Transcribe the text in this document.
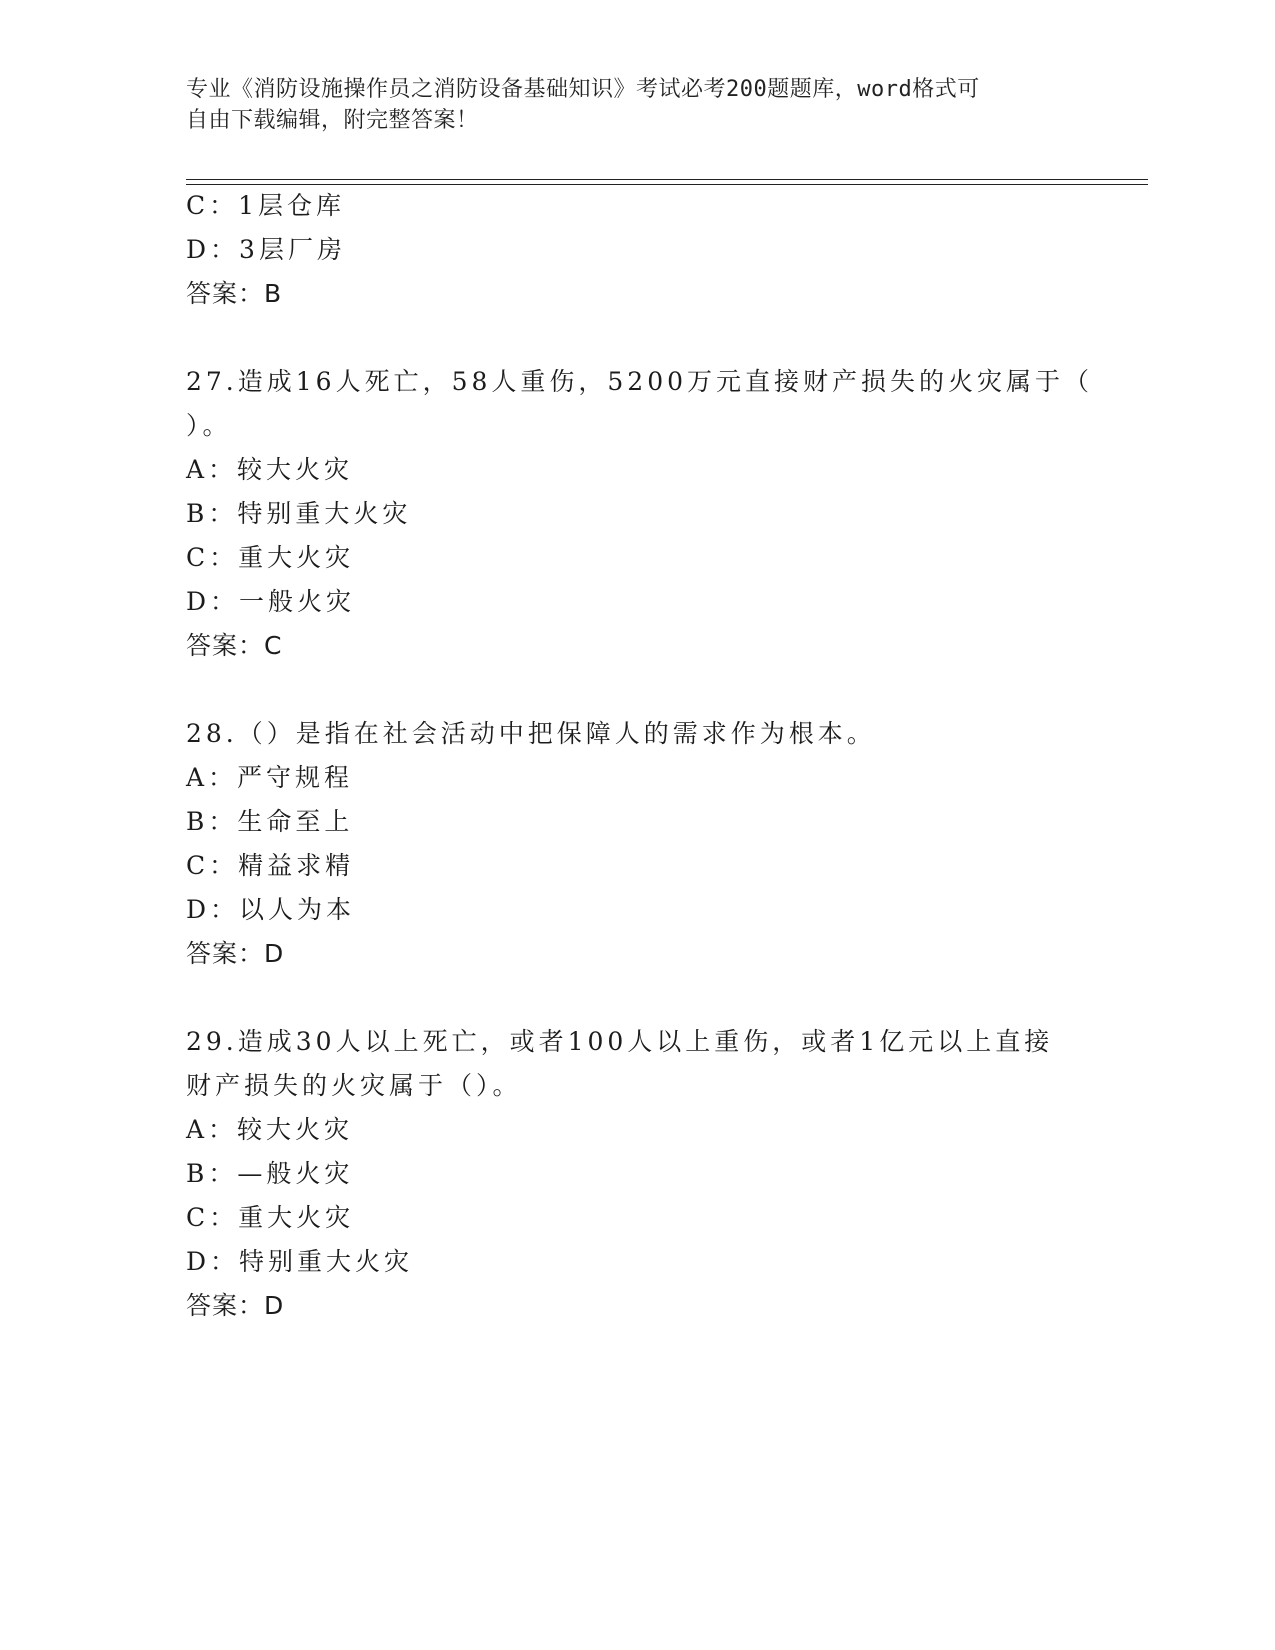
专业《消防设施操作员之消防设备基础知识》考试必考200题题库，word格式可
自由下载编辑，附完整答案！
C：1层仓库
D：3层厂房
答案：B
27.造成16人死亡，58人重伤，5200万元直接财产损失的火灾属于（
）。
A：较大火灾
B：特别重大火灾
C：重大火灾
D：一般火灾
答案：C
28.（）是指在社会活动中把保障人的需求作为根本。
A：严守规程
B：生命至上
C：精益求精
D：以人为本
答案：D
29.造成30人以上死亡，或者100人以上重伤，或者1亿元以上直接
财产损失的火灾属于（）。
A：较大火灾
B：—般火灾
C：重大火灾
D：特别重大火灾
答案：D
